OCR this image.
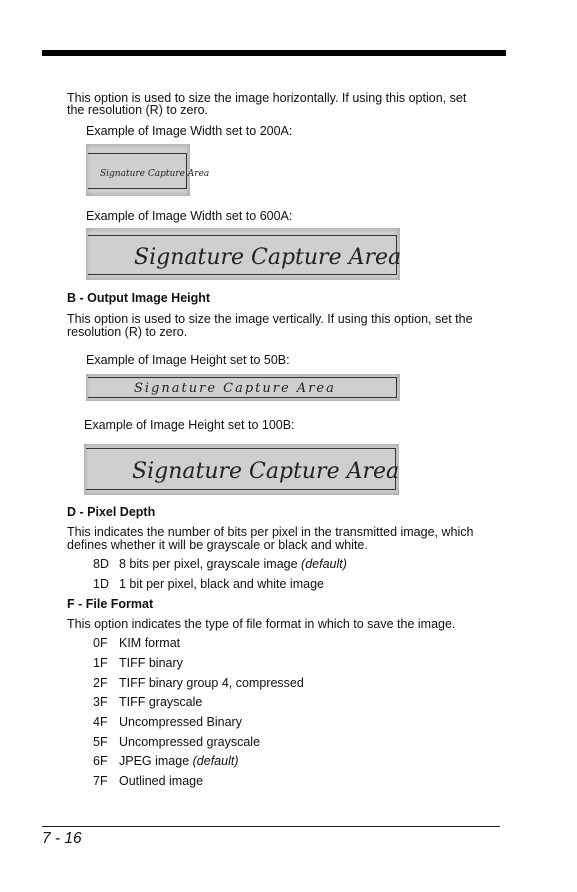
This option is used to size the image horizontally. If using this option, set
the resolution (R) to zero.
Example of Image Width set to 200A:
Signature Capture Area
Example of Image Width set to 600A:
Signature Capture Area
B - Output Image Height
This option is used to size the image vertically. If using this option, set the
resolution (R) to zero.
Example of Image Height set to 50B:
Signature Capture Area
Example of Image Height set to 100B:
Signature Capture Area
D - Pixel Depth
This indicates the number of bits per pixel in the transmitted image, which
defines whether it will be grayscale or black and white.
8D 8 bits per pixel, grayscale image (default)
1D 1 bit per pixel, black and white image
F - File Format
This option indicates the type of file format in which to save the image.
0F KIM format
1F TIFF binary
2F TIFF binary group 4, compressed
3F TIFF grayscale
4F Uncompressed Binary
5F Uncompressed grayscale
6F JPEG image (default)
7F Outlined image
7 - 16
